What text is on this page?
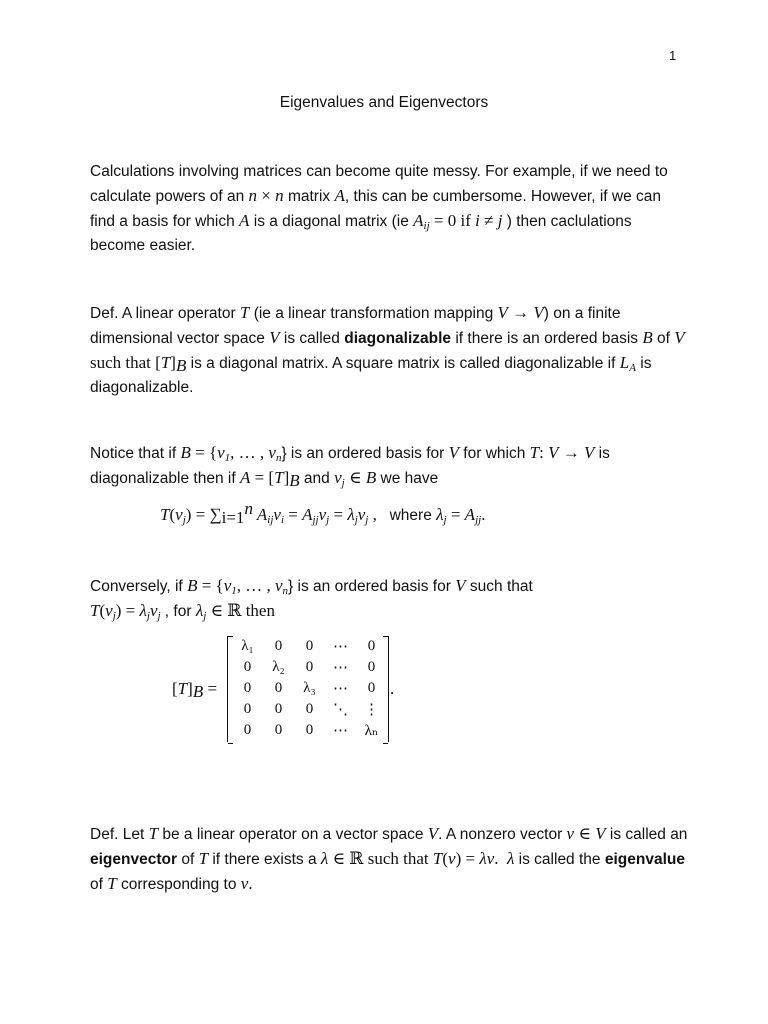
1
Eigenvalues and Eigenvectors
Calculations involving matrices can become quite messy. For example, if we need to calculate powers of an n × n matrix A, this can be cumbersome. However, if we can find a basis for which A is a diagonal matrix (ie $A_{ij} = 0$ if i ≠ j ) then caclulations become easier.
Def. A linear operator T (ie a linear transformation mapping V → V) on a finite dimensional vector space V is called diagonalizable if there is an ordered basis B of V such that $[T]_B$ is a diagonal matrix. A square matrix is called diagonalizable if $L_A$ is diagonalizable.
Notice that if $B = \{v_1$, … , $v_n$} is an ordered basis for V for which T: V → V is diagonalizable then if $A = [T]_B$ and $v_j$ ∈ B we have
$T(v_j) = \sum_{i=1}^n$ $A_{ij}v_i = A_{jj}v_j = \lambda_jv_j$ ,   where $\lambda_j = A_{jj}$.
Conversely, if $B = \{v_1$, … , $v_n$} is an ordered basis for V such that
$T(v_j) = \lambda_jv_j$ , for $\lambda_j$ ∈ ℝ then
$[T]_B$ =
λ₁	0	0	⋯	0
0	λ₂	0	⋯	0
0	0	λ₃	⋯	0
0	0	0	⋱	⋮
0	0	0	⋯	λₙ
.
Def. Let T be a linear operator on a vector space V. A nonzero vector v ∈ V is called an eigenvector of T if there exists a λ ∈ ℝ such that T(v) = λv.  λ is called the eigenvalue of T corresponding to v.
